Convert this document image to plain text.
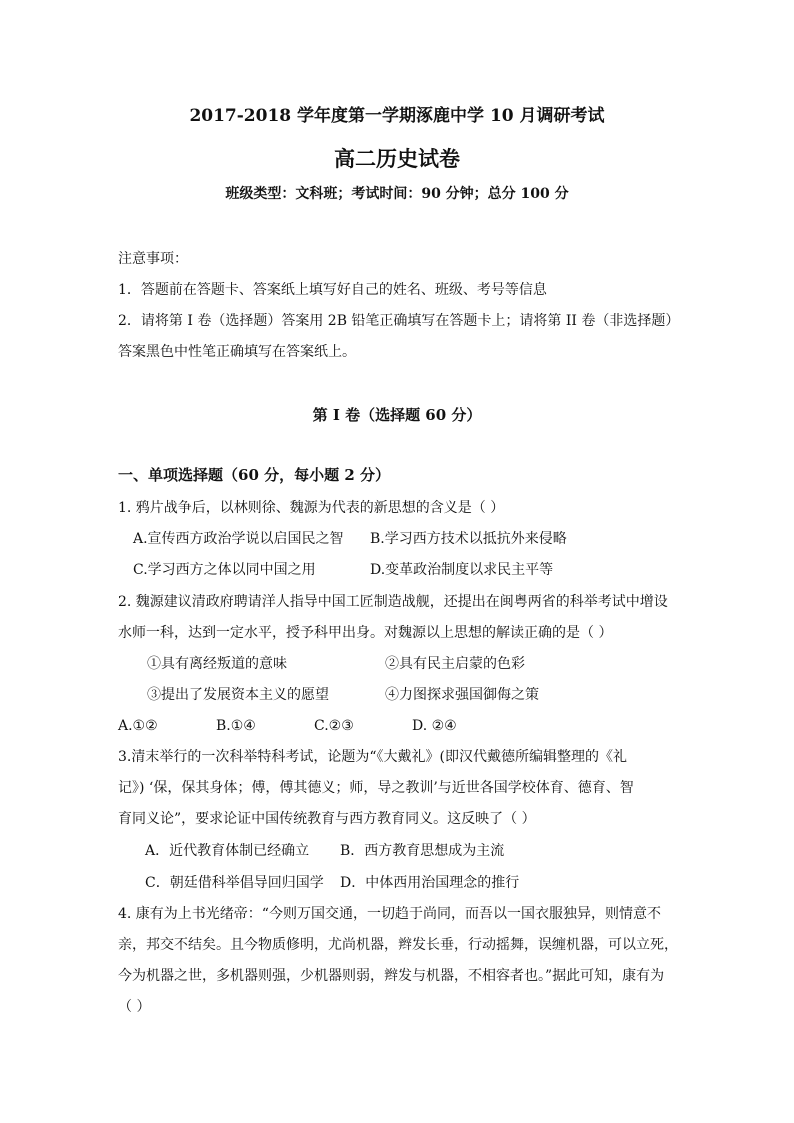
2017-2018 学年度第一学期涿鹿中学 10 月调研考试
高二历史试卷
班级类型：文科班；考试时间：90 分钟；总分 100 分
注意事项：
1．答题前在答题卡、答案纸上填写好自己的姓名、班级、考号等信息
2．请将第 I 卷（选择题）答案用 2B 铅笔正确填写在答题卡上；请将第 II 卷（非选择题）
答案黑色中性笔正确填写在答案纸上。
第 I 卷（选择题 60 分）
一、单项选择题（60 分，每小题 2 分）
1. 鸦片战争后，以林则徐、魏源为代表的新思想的含义是（ ）
A.宣传西方政治学说以启国民之智 B.学习西方技术以抵抗外来侵略
C.学习西方之体以同中国之用	D.变革政治制度以求民主平等
2. 魏源建议清政府聘请洋人指导中国工匠制造战舰，还提出在闽粤两省的科举考试中增设
水师一科，达到一定水平，授予科甲出身。对魏源以上思想的解读正确的是（ ）
①具有离经叛道的意味	②具有民主启蒙的色彩
③提出了发展资本主义的愿望	④力图探求强国御侮之策
A.①②	B.①④	C.②③	D. ②④
3.清末举行的一次科举特科考试，论题为“《大戴礼》(即汉代戴德所编辑整理的《礼
记》) ‘保，保其身体；傅，傅其德义；师，导之教训’与近世各国学校体育、德育、智
育同义论”，要求论证中国传统教育与西方教育同义。这反映了（ ）
A．近代教育体制已经确立 B．西方教育思想成为主流
C．朝廷借科举倡导回归国学 D．中体西用治国理念的推行
4. 康有为上书光绪帝：“今则万国交通，一切趋于尚同，而吾以一国衣服独异，则情意不
亲，邦交不结矣。且今物质修明，尤尚机器，辫发长垂，行动摇舞，误缠机器，可以立死，
今为机器之世，多机器则强，少机器则弱，辫发与机器，不相容者也。”据此可知，康有为
（ ）
